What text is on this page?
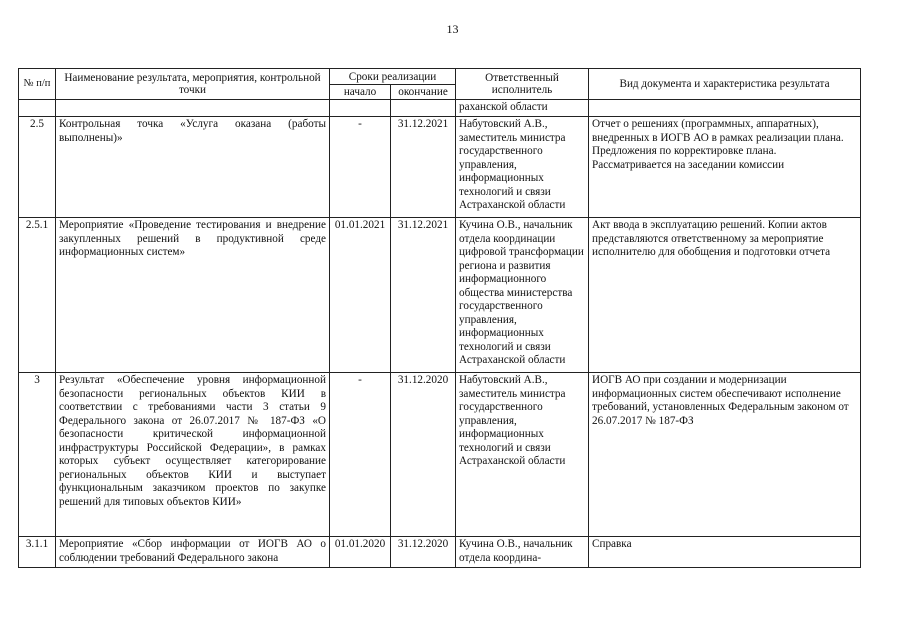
13
№ п/п	Наименование результата, мероприятия, контрольной точки	Сроки реализации		Ответственный исполнитель	Вид документа и характеристика результата
		начало	окончание		
				раханской области	
2.5	Контрольная точка «Услуга оказана (работы выполнены)»	-	31.12.2021	Набутовский А.В., заместитель министра государственного управления, информационных технологий и связи Астраханской области	Отчет о решениях (программных, аппаратных), внедренных в ИОГВ АО в рамках реализации плана. Предложения по корректировке плана. Рассматривается на заседании комиссии
2.5.1	Мероприятие «Проведение тестирования и внедрение закупленных решений в продуктивной среде информационных систем»	01.01.2021	31.12.2021	Кучина О.В., начальник отдела координации цифровой трансформации региона и развития информационного общества министерства государственного управления, информационных технологий и связи Астраханской области	Акт ввода в эксплуатацию решений. Копии актов представляются ответственному за мероприятие исполнителю для обобщения и подготовки отчета
3	Результат «Обеспечение уровня информационной безопасности региональных объектов КИИ в соответствии с требованиями части 3 статьи 9 Федерального закона от 26.07.2017 № 187-ФЗ «О безопасности критической информационной инфраструктуры Российской Федерации», в рамках которых субъект осуществляет категорирование региональных объектов КИИ и выступает функциональным заказчиком проектов по закупке решений для типовых объектов КИИ»	-	31.12.2020	Набутовский А.В., заместитель министра государственного управления, информационных технологий и связи Астраханской области	ИОГВ АО при создании и модернизации информационных систем обеспечивают исполнение требований, установленных Федеральным законом от 26.07.2017 № 187-ФЗ
3.1.1	Мероприятие «Сбор информации от ИОГВ АО о соблюдении требований Федерального закона	01.01.2020	31.12.2020	Кучина О.В., начальник отдела координа-	Справка
